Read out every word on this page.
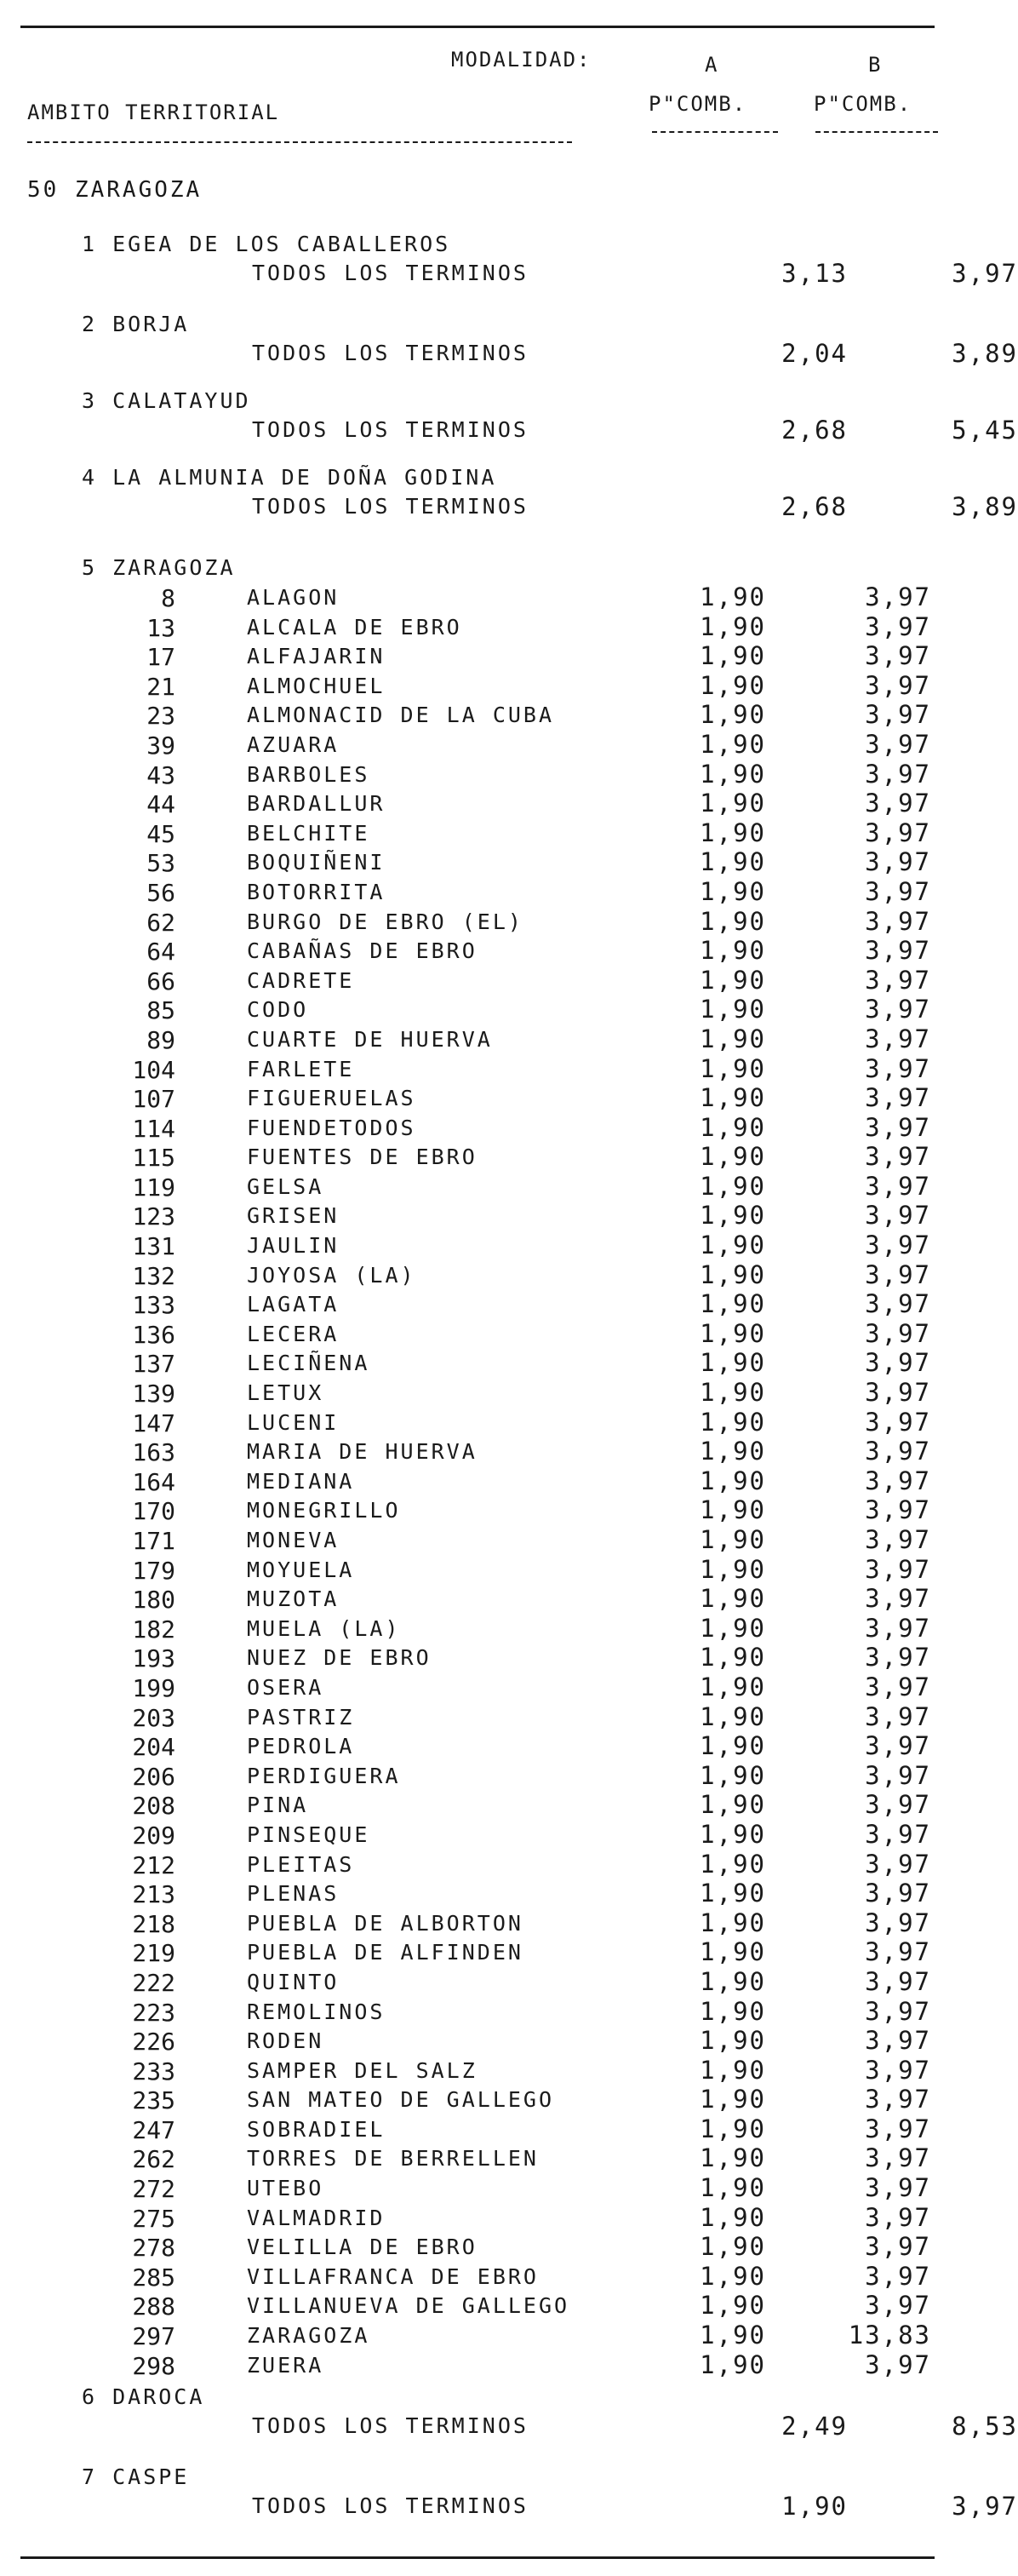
MODALIDAD:	A	B
AMBITO TERRITORIAL	P"COMB.	P"COMB.
50 ZARAGOZA
1 EGEA DE LOS CABALLEROS
TODOS LOS TERMINOS	3,13	3,97
2 BORJA
TODOS LOS TERMINOS	2,04	3,89
3 CALATAYUD
TODOS LOS TERMINOS	2,68	5,45
4 LA ALMUNIA DE DOÑA GODINA
TODOS LOS TERMINOS	2,68	3,89
5 ZARAGOZA
8	ALAGON	1,90	3,97
13	ALCALA DE EBRO	1,90	3,97
17	ALFAJARIN	1,90	3,97
21	ALMOCHUEL	1,90	3,97
23	ALMONACID DE LA CUBA	1,90	3,97
39	AZUARA	1,90	3,97
43	BARBOLES	1,90	3,97
44	BARDALLUR	1,90	3,97
45	BELCHITE	1,90	3,97
53	BOQUIÑENI	1,90	3,97
56	BOTORRITA	1,90	3,97
62	BURGO DE EBRO (EL)	1,90	3,97
64	CABAÑAS DE EBRO	1,90	3,97
66	CADRETE	1,90	3,97
85	CODO	1,90	3,97
89	CUARTE DE HUERVA	1,90	3,97
104	FARLETE	1,90	3,97
107	FIGUERUELAS	1,90	3,97
114	FUENDETODOS	1,90	3,97
115	FUENTES DE EBRO	1,90	3,97
119	GELSA	1,90	3,97
123	GRISEN	1,90	3,97
131	JAULIN	1,90	3,97
132	JOYOSA (LA)	1,90	3,97
133	LAGATA	1,90	3,97
136	LECERA	1,90	3,97
137	LECIÑENA	1,90	3,97
139	LETUX	1,90	3,97
147	LUCENI	1,90	3,97
163	MARIA DE HUERVA	1,90	3,97
164	MEDIANA	1,90	3,97
170	MONEGRILLO	1,90	3,97
171	MONEVA	1,90	3,97
179	MOYUELA	1,90	3,97
180	MUZOTA	1,90	3,97
182	MUELA (LA)	1,90	3,97
193	NUEZ DE EBRO	1,90	3,97
199	OSERA	1,90	3,97
203	PASTRIZ	1,90	3,97
204	PEDROLA	1,90	3,97
206	PERDIGUERA	1,90	3,97
208	PINA	1,90	3,97
209	PINSEQUE	1,90	3,97
212	PLEITAS	1,90	3,97
213	PLENAS	1,90	3,97
218	PUEBLA DE ALBORTON	1,90	3,97
219	PUEBLA DE ALFINDEN	1,90	3,97
222	QUINTO	1,90	3,97
223	REMOLINOS	1,90	3,97
226	RODEN	1,90	3,97
233	SAMPER DEL SALZ	1,90	3,97
235	SAN MATEO DE GALLEGO	1,90	3,97
247	SOBRADIEL	1,90	3,97
262	TORRES DE BERRELLEN	1,90	3,97
272	UTEBO	1,90	3,97
275	VALMADRID	1,90	3,97
278	VELILLA DE EBRO	1,90	3,97
285	VILLAFRANCA DE EBRO	1,90	3,97
288	VILLANUEVA DE GALLEGO	1,90	3,97
297	ZARAGOZA	1,90	13,83
298	ZUERA	1,90	3,97
6 DAROCA
TODOS LOS TERMINOS	2,49	8,53
7 CASPE
TODOS LOS TERMINOS	1,90	3,97
